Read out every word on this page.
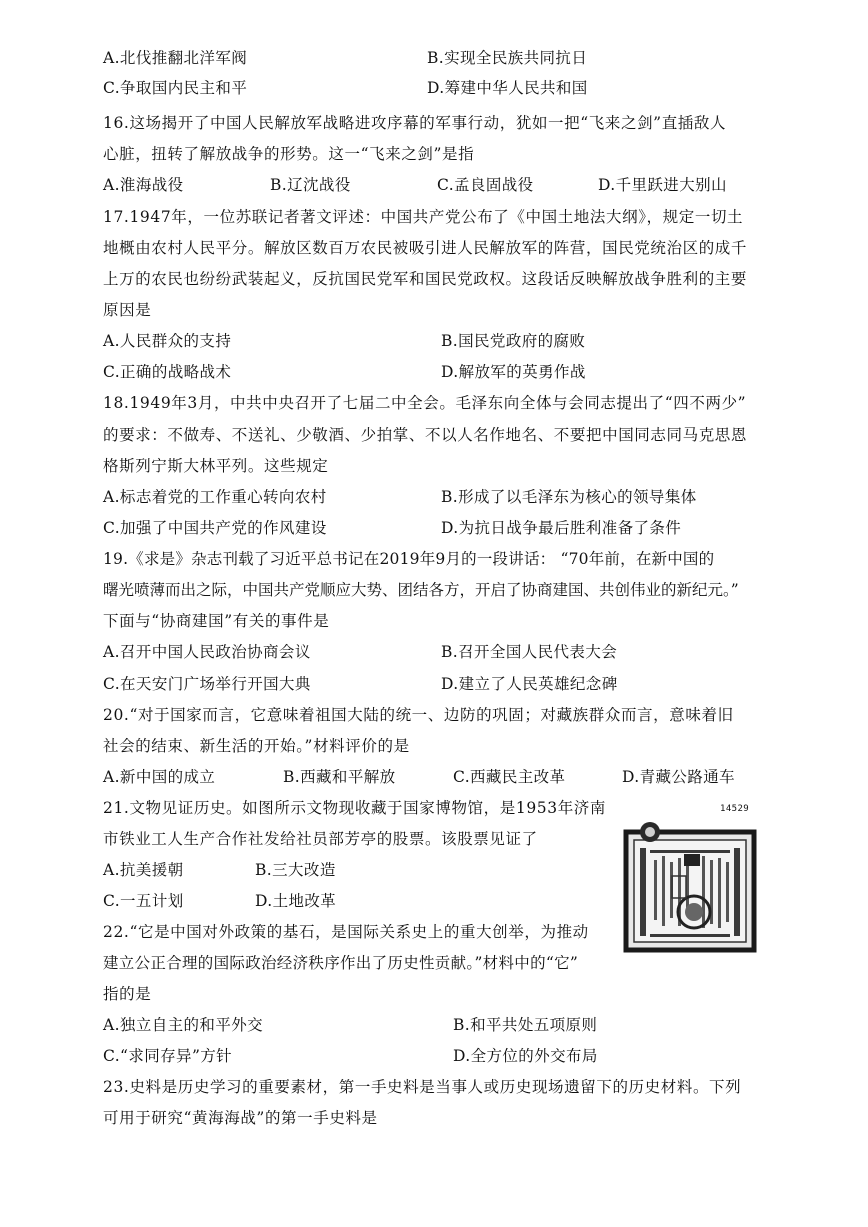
A.北伐推翻北洋军阀	B.实现全民族共同抗日
C.争取国内民主和平	D.筹建中华人民共和国
16.这场揭开了中国人民解放军战略进攻序幕的军事行动，犹如一把“飞来之剑”直插敌人
心脏，扭转了解放战争的形势。这一“飞来之剑”是指
A.淮海战役	B.辽沈战役	C.孟良固战役	D.千里跃进大别山
17.1947年，一位苏联记者著文评述：中国共产党公布了《中国土地法大纲》，规定一切土
地概由农村人民平分。解放区数百万农民被吸引进人民解放军的阵营，国民党统治区的成千
上万的农民也纷纷武装起义，反抗国民党军和国民党政权。这段话反映解放战争胜利的主要
原因是
A.人民群众的支持	B.国民党政府的腐败
C.正确的战略战术	D.解放军的英勇作战
18.1949年3月，中共中央召开了七届二中全会。毛泽东向全体与会同志提出了“四不两少”
的要求：不做寿、不送礼、少敬酒、少拍掌、不以人名作地名、不要把中国同志同马克思恩
格斯列宁斯大林平列。这些规定
A.标志着党的工作重心转向农村	B.形成了以毛泽东为核心的领导集体
C.加强了中国共产党的作风建设	D.为抗日战争最后胜利准备了条件
19.《求是》杂志刊载了习近平总书记在2019年9月的一段讲话： “70年前，在新中国的
曙光喷薄而出之际，中国共产党顺应大势、团结各方，开启了协商建国、共创伟业的新纪元。”
下面与“协商建国”有关的事件是
A.召开中国人民政治协商会议	B.召开全国人民代表大会
C.在天安门广场举行开国大典	D.建立了人民英雄纪念碑
20.“对于国家而言，它意味着祖国大陆的统一、边防的巩固；对藏族群众而言，意味着旧
社会的结束、新生活的开始。”材料评价的是
A.新中国的成立	B.西藏和平解放	C.西藏民主改革	D.青藏公路通车
21.文物见证历史。如图所示文物现收藏于国家博物馆，是1953年济南
市铁业工人生产合作社发给社员部芳亭的股票。该股票见证了
A.抗美援朝	B.三大改造
C.一五计划	D.土地改革
14529
22.“它是中国对外政策的基石，是国际关系史上的重大创举，为推动
建立公正合理的国际政治经济秩序作出了历史性贡献。”材料中的“它”
指的是
A.独立自主的和平外交	B.和平共处五项原则
C.“求同存异”方针	D.全方位的外交布局
23.史料是历史学习的重要素材，第一手史料是当事人或历史现场遗留下的历史材料。下列
可用于研究“黄海海战”的第一手史料是
